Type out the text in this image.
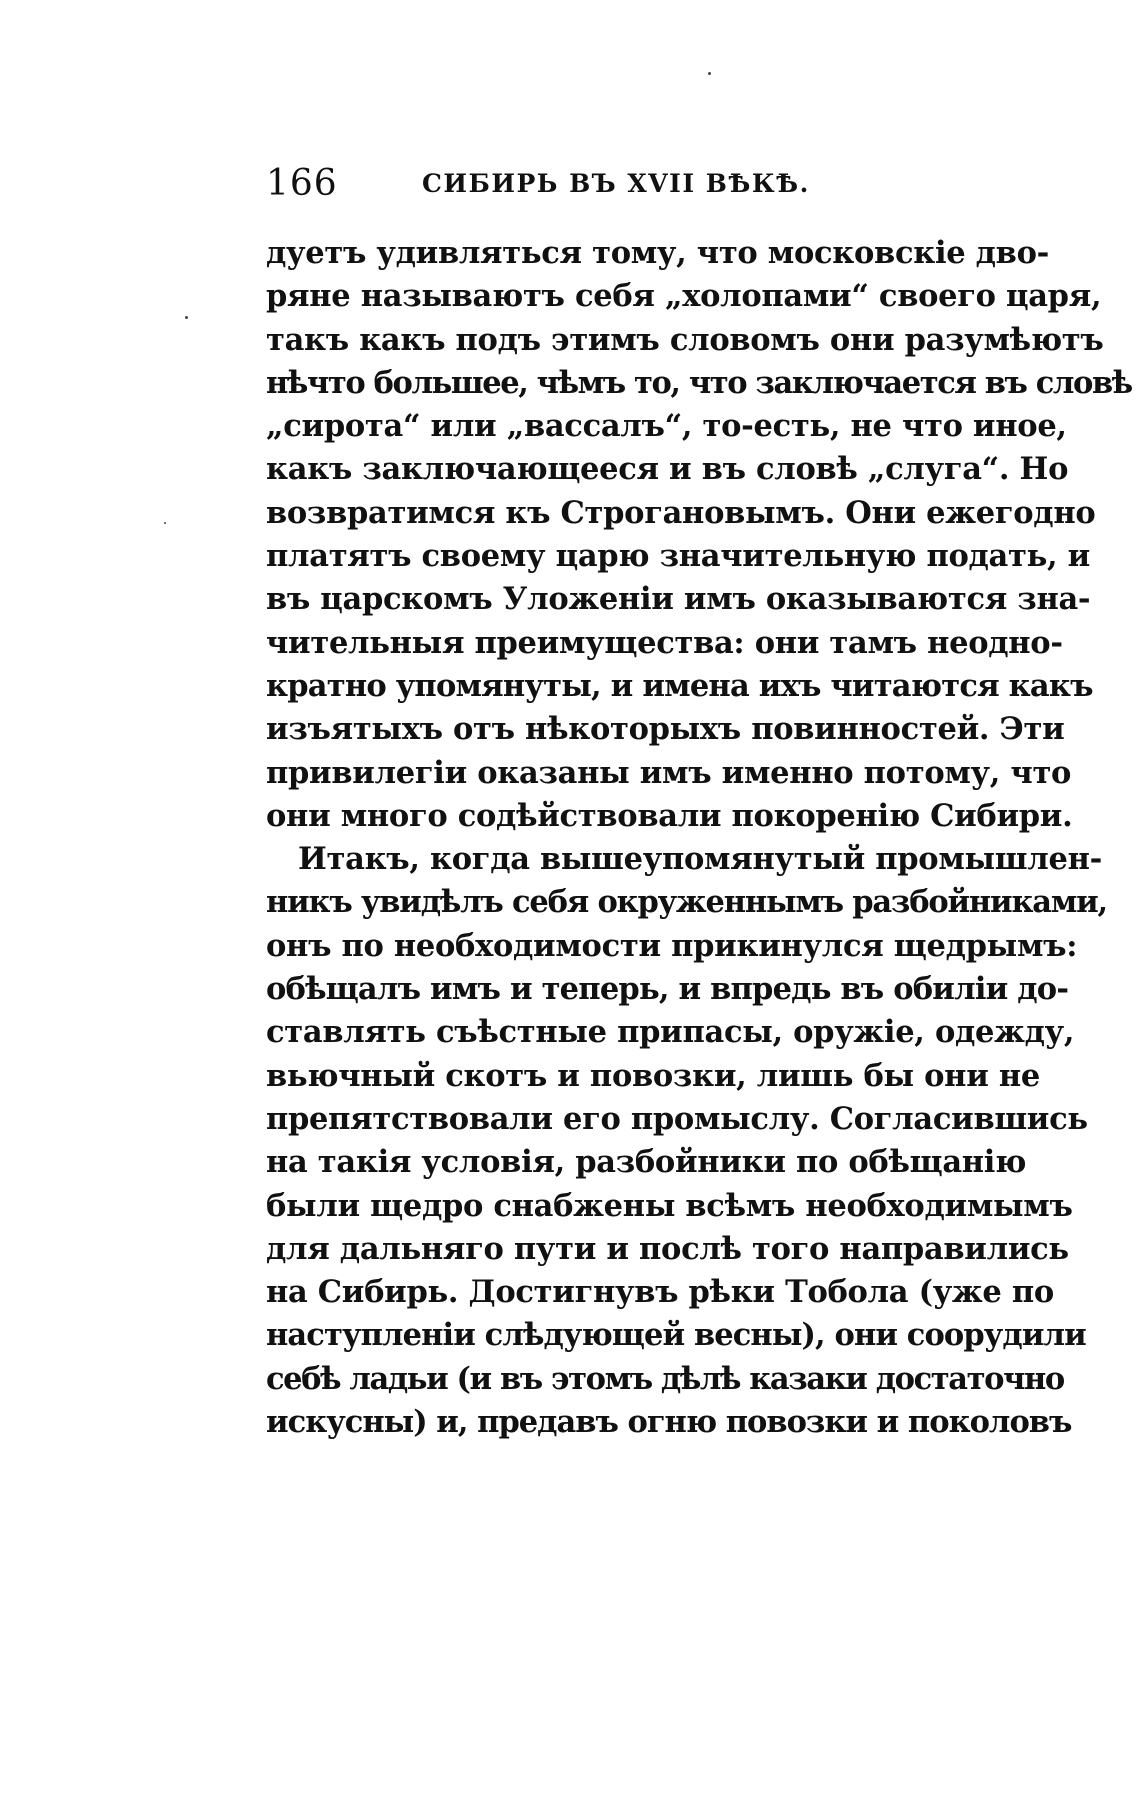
166	СИБИРЬ ВЪ XVII ВѢКѢ.
дуетъ удивляться тому, что московскіе дво-
ряне называютъ себя „холопами“ своего царя,
такъ какъ подъ этимъ словомъ они разумѣютъ
нѣчто большее, чѣмъ то, что заключается въ словѣ
„сирота“ или „вассалъ“, то-есть, не что иное,
какъ заключающееся и въ словѣ „слуга“. Но
возвратимся къ Строгановымъ. Они ежегодно
платятъ своему царю значительную подать, и
въ царскомъ Уложеніи имъ оказываются зна-
чительныя преимущества: они тамъ неодно-
кратно упомянуты, и имена ихъ читаются какъ
изъятыхъ отъ нѣкоторыхъ повинностей. Эти
привилегіи оказаны имъ именно потому, что
они много содѣйствовали покоренію Сибири.
Итакъ, когда вышеупомянутый промышлен-
никъ увидѣлъ себя окруженнымъ разбойниками,
онъ по необходимости прикинулся щедрымъ:
обѣщалъ имъ и теперь, и впредь въ обиліи до-
ставлять съѣстные припасы, оружіе, одежду,
вьючный скотъ и повозки, лишь бы они не
препятствовали его промыслу. Согласившись
на такія условія, разбойники по обѣщанію
были щедро снабжены всѣмъ необходимымъ
для дальняго пути и послѣ того направились
на Сибирь. Достигнувъ рѣки Тобола (уже по
наступленіи слѣдующей весны), они соорудили
себѣ ладьи (и въ этомъ дѣлѣ казаки достаточно
искусны) и, предавъ огню повозки и поколовъ
